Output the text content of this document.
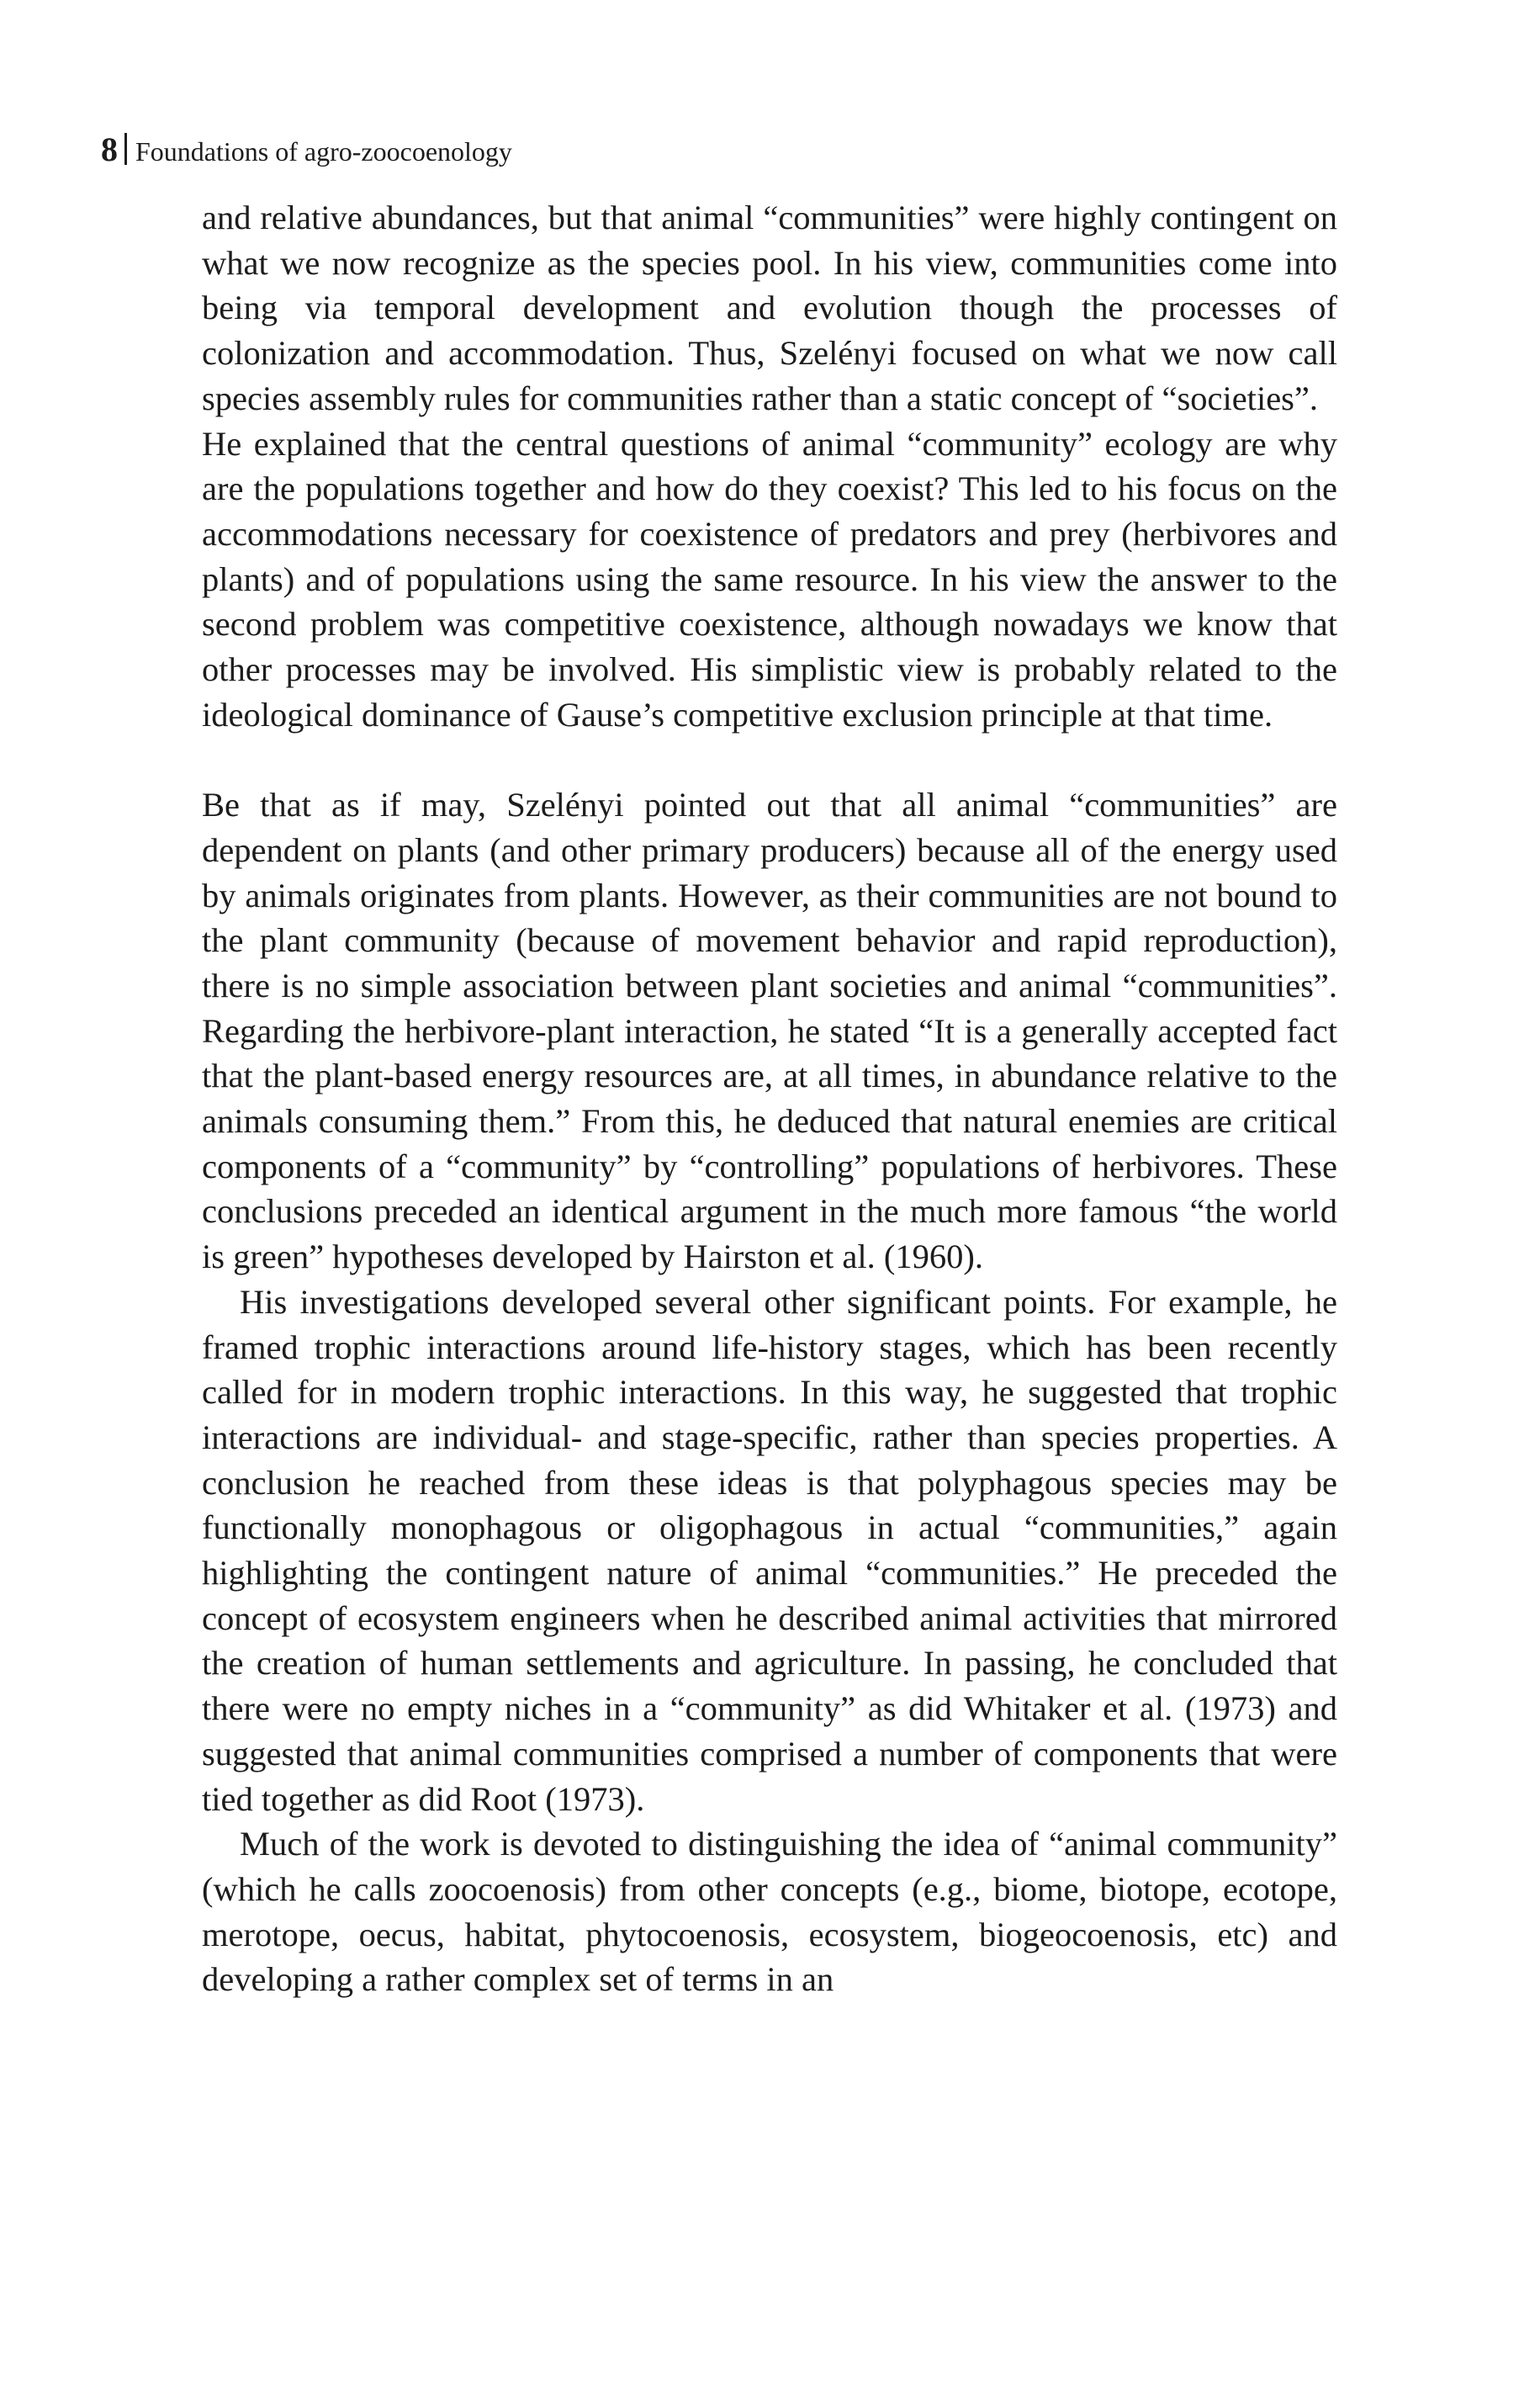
8 Foundations of agro-zoocoenology

and relative abundances, but that animal “communities” were highly contingent on what we now recognize as the species pool. In his view, communities come into being via temporal development and evolution though the processes of colonization and accommodation. Thus, Szelényi focused on what we now call species assembly rules for communities rather than a static concept of “societies”.

He explained that the central questions of animal “community” ecology are why are the populations together and how do they coexist? This led to his focus on the accommodations necessary for coexistence of predators and prey (herbivores and plants) and of populations using the same resource. In his view the answer to the second problem was competitive coexistence, although nowadays we know that other processes may be involved. His simplistic view is probably related to the ideological dominance of Gause’s competitive exclusion principle at that time.

Be that as if may, Szelényi pointed out that all animal “communities” are dependent on plants (and other primary producers) because all of the energy used by animals originates from plants. However, as their communities are not bound to the plant community (because of movement behavior and rapid reproduction), there is no simple association between plant societies and animal “communities”. Regarding the herbivore-plant interaction, he stated “It is a generally accepted fact that the plant-based energy resources are, at all times, in abundance relative to the animals consuming them.” From this, he deduced that natural enemies are critical components of a “community” by “controlling” populations of herbivores. These conclusions preceded an identical argument in the much more famous “the world is green” hypotheses developed by Hairston et al. (1960).

His investigations developed several other significant points. For example, he framed trophic interactions around life-history stages, which has been recently called for in modern trophic interactions. In this way, he suggested that trophic interactions are individual- and stage-specific, rather than species properties. A conclusion he reached from these ideas is that polyphagous species may be functionally monophagous or oligophagous in actual “communities,” again highlighting the contingent nature of animal “communities.” He preceded the concept of ecosystem engineers when he described animal activities that mirrored the creation of human settlements and agriculture. In passing, he concluded that there were no empty niches in a “community” as did Whitaker et al. (1973) and suggested that animal communities comprised a number of components that were tied together as did Root (1973).

Much of the work is devoted to distinguishing the idea of “animal community” (which he calls zoocoenosis) from other concepts (e.g., biome, biotope, ecotope, merotope, oecus, habitat, phytocoenosis, ecosystem, biogeocoenosis, etc) and developing a rather complex set of terms in an
